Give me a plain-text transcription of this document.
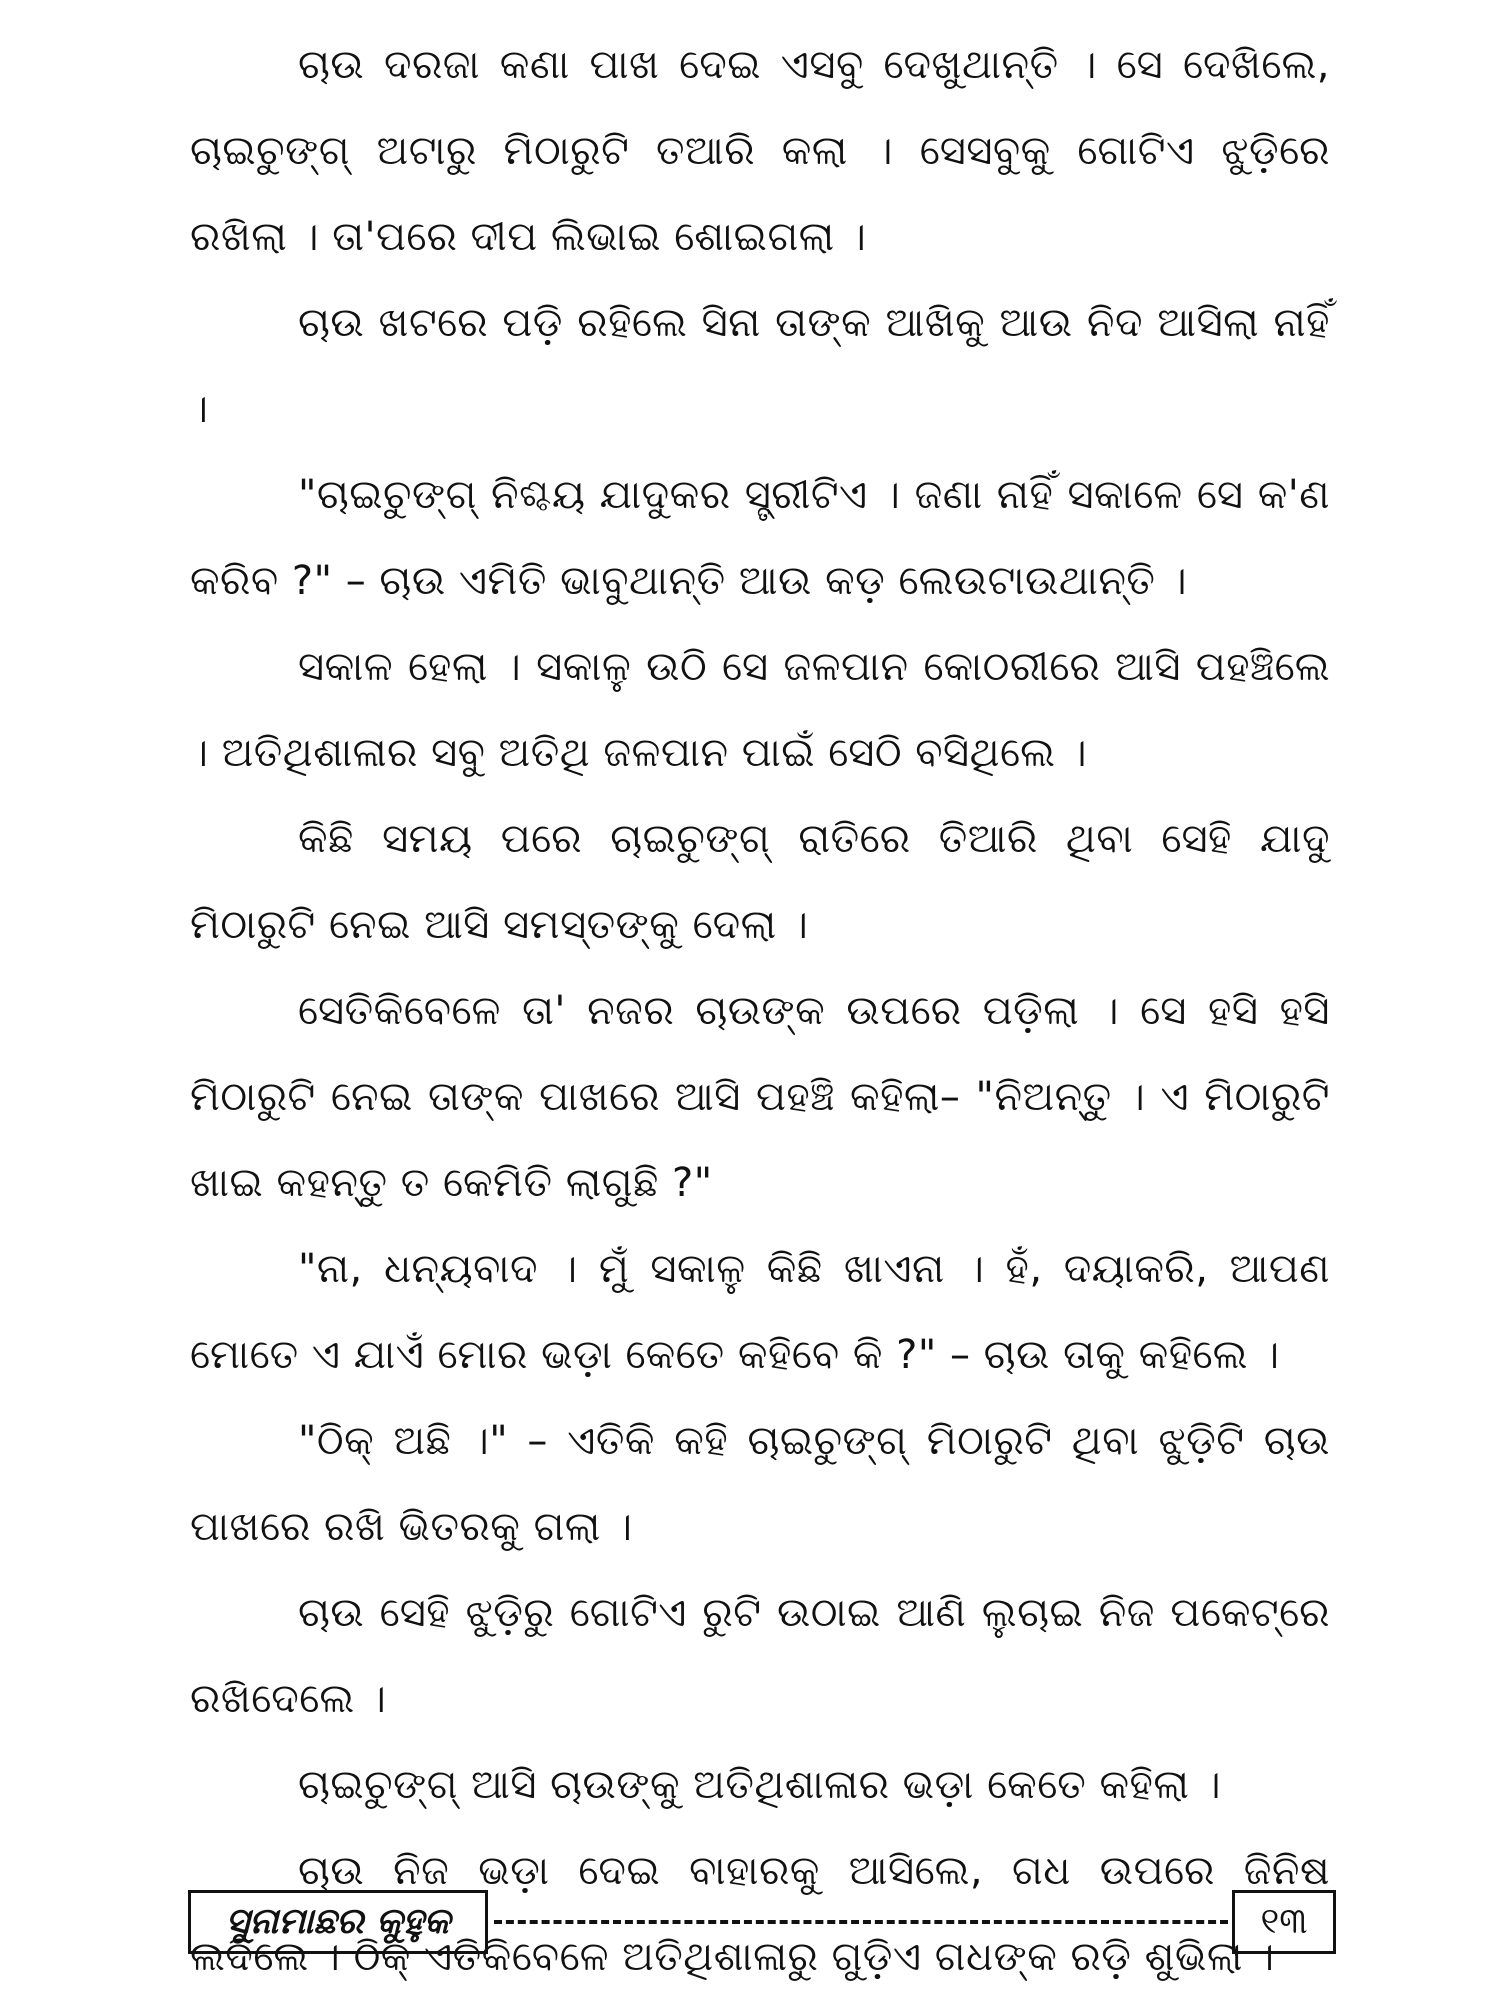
ଚାଉ ଦରଜା କଣା ପାଖ ଦେଇ ଏସବୁ ଦେଖୁଥାନ୍ତି । ସେ ଦେଖିଲେ, ଚାଇଚୁଙ୍ଗ୍ ଅଟାରୁ ମିଠାରୁଟି ତଆରି କଲା । ସେସବୁକୁ ଗୋଟିଏ ଝୁଡ଼ିରେ ରଖିଲା । ତା'ପରେ ଦୀପ ଲିଭାଇ ଶୋଇଗଲା ।

ଚାଉ ଖଟରେ ପଡ଼ି ରହିଲେ ସିନା ତାଙ୍କ ଆଖିକୁ ଆଉ ନିଦ ଆସିଲା ନାହିଁ ।

"ଚାଇଚୁଙ୍ଗ୍ ନିଶ୍ଚୟ ଯାଦୁକର ସ୍ତ୍ରୀଟିଏ । ଜଣା ନାହିଁ ସକାଳେ ସେ କ'ଣ କରିବ ?" – ଚାଉ ଏମିତି ଭାବୁଥାନ୍ତି ଆଉ କଡ଼ ଲେଉଟାଉଥାନ୍ତି ।

ସକାଳ ହେଲା । ସକାଳୁ ଉଠି ସେ ଜଳପାନ କୋଠରୀରେ ଆସି ପହଞ୍ଚିଲେ । ଅତିଥିଶାଳାର ସବୁ ଅତିଥି ଜଳପାନ ପାଇଁ ସେଠି ବସିଥିଲେ ।

କିଛି ସମୟ ପରେ ଚାଇଚୁଙ୍ଗ୍ ରାତିରେ ତିଆରି ଥିବା ସେହି ଯାଦୁ ମିଠାରୁଟି ନେଇ ଆସି ସମସ୍ତଙ୍କୁ ଦେଲା ।

ସେତିକିବେଳେ ତା' ନଜର ଚାଉଙ୍କ ଉପରେ ପଡ଼ିଲା । ସେ ହସି ହସି ମିଠାରୁଟି ନେଇ ତାଙ୍କ ପାଖରେ ଆସି ପହଞ୍ଚି କହିଲା– "ନିଅନ୍ତୁ । ଏ ମିଠାରୁଟି ଖାଇ କହନ୍ତୁ ତ କେମିତି ଲାଗୁଛି ?"

"ନା, ଧନ୍ୟବାଦ । ମୁଁ ସକାଳୁ କିଛି ଖାଏନା । ହଁ, ଦୟାକରି, ଆପଣ ମୋତେ ଏ ଯାଏଁ ମୋର ଭଡ଼ା କେତେ କହିବେ କି ?" – ଚାଉ ତାକୁ କହିଲେ ।

"ଠିକ୍ ଅଛି ।" – ଏତିକି କହି ଚାଇଚୁଙ୍ଗ୍ ମିଠାରୁଟି ଥିବା ଝୁଡ଼ିଟି ଚାଉ ପାଖରେ ରଖି ଭିତରକୁ ଗଲା ।

ଚାଉ ସେହି ଝୁଡ଼ିରୁ ଗୋଟିଏ ରୁଟି ଉଠାଇ ଆଣି ଲୁଚାଇ ନିଜ ପକେଟ୍‌ରେ ରଖିଦେଲେ ।

ଚାଇଚୁଙ୍ଗ୍ ଆସି ଚାଉଙ୍କୁ ଅତିଥିଶାଳାର ଭଡ଼ା କେତେ କହିଲା ।

ଚାଉ ନିଜ ଭଡ଼ା ଦେଇ ବାହାରକୁ ଆସିଲେ, ଗଧ ଉପରେ ଜିନିଷ ଲଦିଲେ । ଠିକ୍ ଏତିକିବେଳେ ଅତିଥିଶାଳାରୁ ଗୁଡ଼ିଏ ଗଧଙ୍କ ରଡ଼ି ଶୁଭିଲା ।

ସୁନାମାଛର କୁହୁକ	୧୩
